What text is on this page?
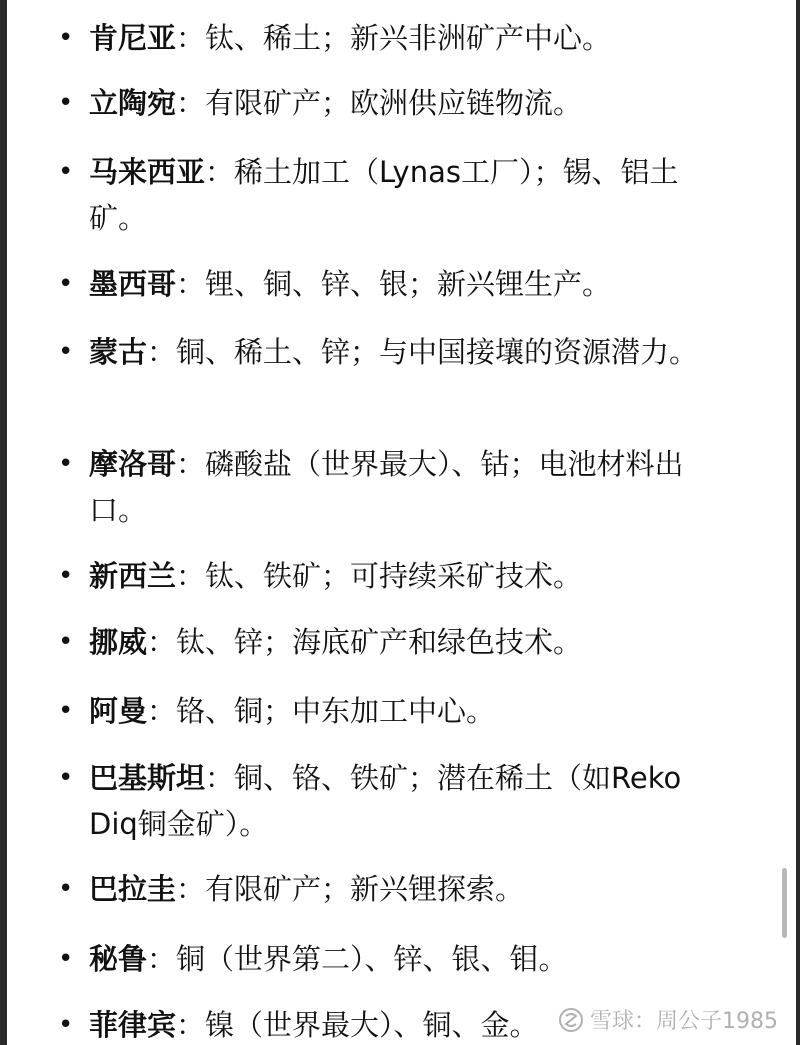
• 肯尼亚：钛、稀土；新兴非洲矿产中心。
• 立陶宛：有限矿产；欧洲供应链物流。
• 马来西亚：稀土加工（Lynas工厂）；锡、铝土矿。
• 墨西哥：锂、铜、锌、银；新兴锂生产。
• 蒙古：铜、稀土、锌；与中国接壤的资源潜力。
• 摩洛哥：磷酸盐（世界最大）、钴；电池材料出口。
• 新西兰：钛、铁矿；可持续采矿技术。
• 挪威：钛、锌；海底矿产和绿色技术。
• 阿曼：铬、铜；中东加工中心。
• 巴基斯坦：铜、铬、铁矿；潜在稀土（如Reko Diq铜金矿）。
• 巴拉圭：有限矿产；新兴锂探索。
• 秘鲁：铜（世界第二）、锌、银、钼。
• 菲律宾：镍（世界最大）、铜、金。	雪球：周公子1985
